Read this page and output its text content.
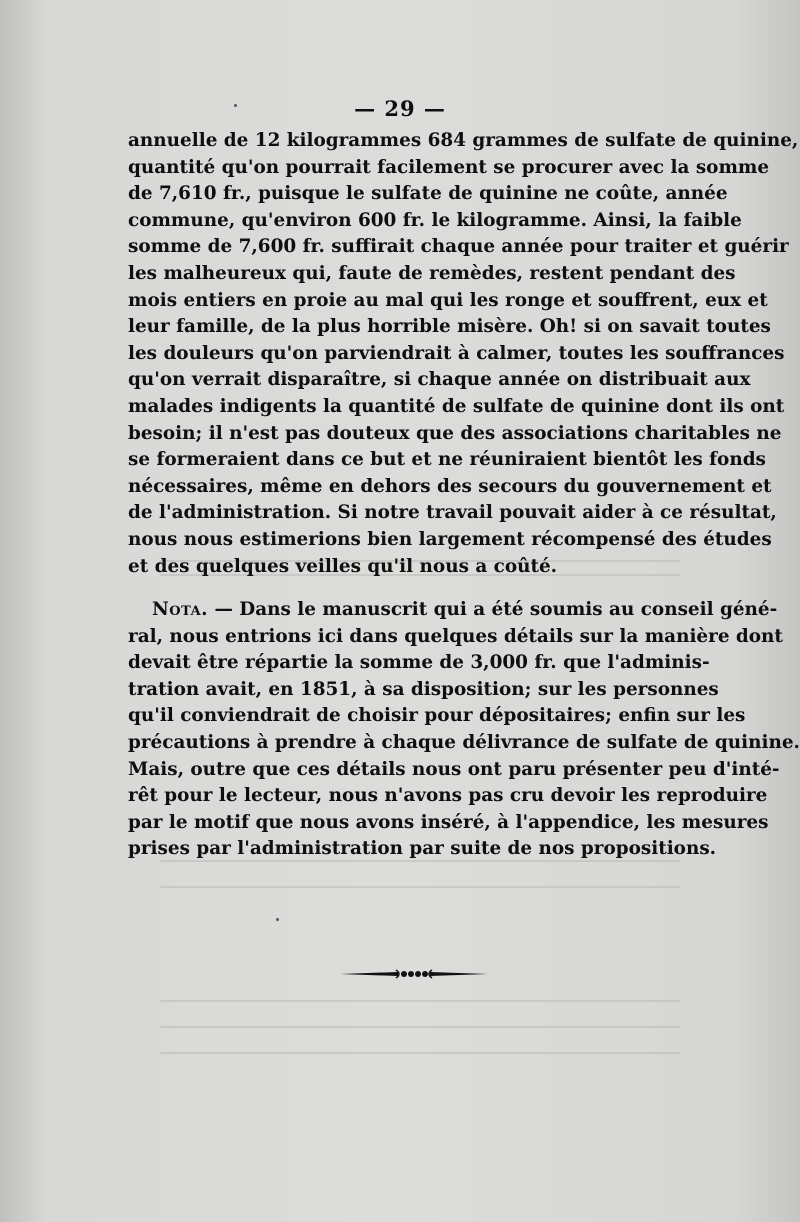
— 29 —
annuelle de 12 kilogrammes 684 grammes de sulfate de quinine,
quantité qu'on pourrait facilement se procurer avec la somme
de 7,610 fr., puisque le sulfate de quinine ne coûte, année
commune, qu'environ 600 fr. le kilogramme. Ainsi, la faible
somme de 7,600 fr. suffirait chaque année pour traiter et guérir
les malheureux qui, faute de remèdes, restent pendant des
mois entiers en proie au mal qui les ronge et souffrent, eux et
leur famille, de la plus horrible misère. Oh! si on savait toutes
les douleurs qu'on parviendrait à calmer, toutes les souffrances
qu'on verrait disparaître, si chaque année on distribuait aux
malades indigents la quantité de sulfate de quinine dont ils ont
besoin; il n'est pas douteux que des associations charitables ne
se formeraient dans ce but et ne réuniraient bientôt les fonds
nécessaires, même en dehors des secours du gouvernement et
de l'administration. Si notre travail pouvait aider à ce résultat,
nous nous estimerions bien largement récompensé des études
et des quelques veilles qu'il nous a coûté.
Nota. — Dans le manuscrit qui a été soumis au conseil géné-
ral, nous entrions ici dans quelques détails sur la manière dont
devait être répartie la somme de 3,000 fr. que l'adminis-
tration avait, en 1851, à sa disposition; sur les personnes
qu'il conviendrait de choisir pour dépositaires; enfin sur les
précautions à prendre à chaque délivrance de sulfate de quinine.
Mais, outre que ces détails nous ont paru présenter peu d'inté-
rêt pour le lecteur, nous n'avons pas cru devoir les reproduire
par le motif que nous avons inséré, à l'appendice, les mesures
prises par l'administration par suite de nos propositions.
